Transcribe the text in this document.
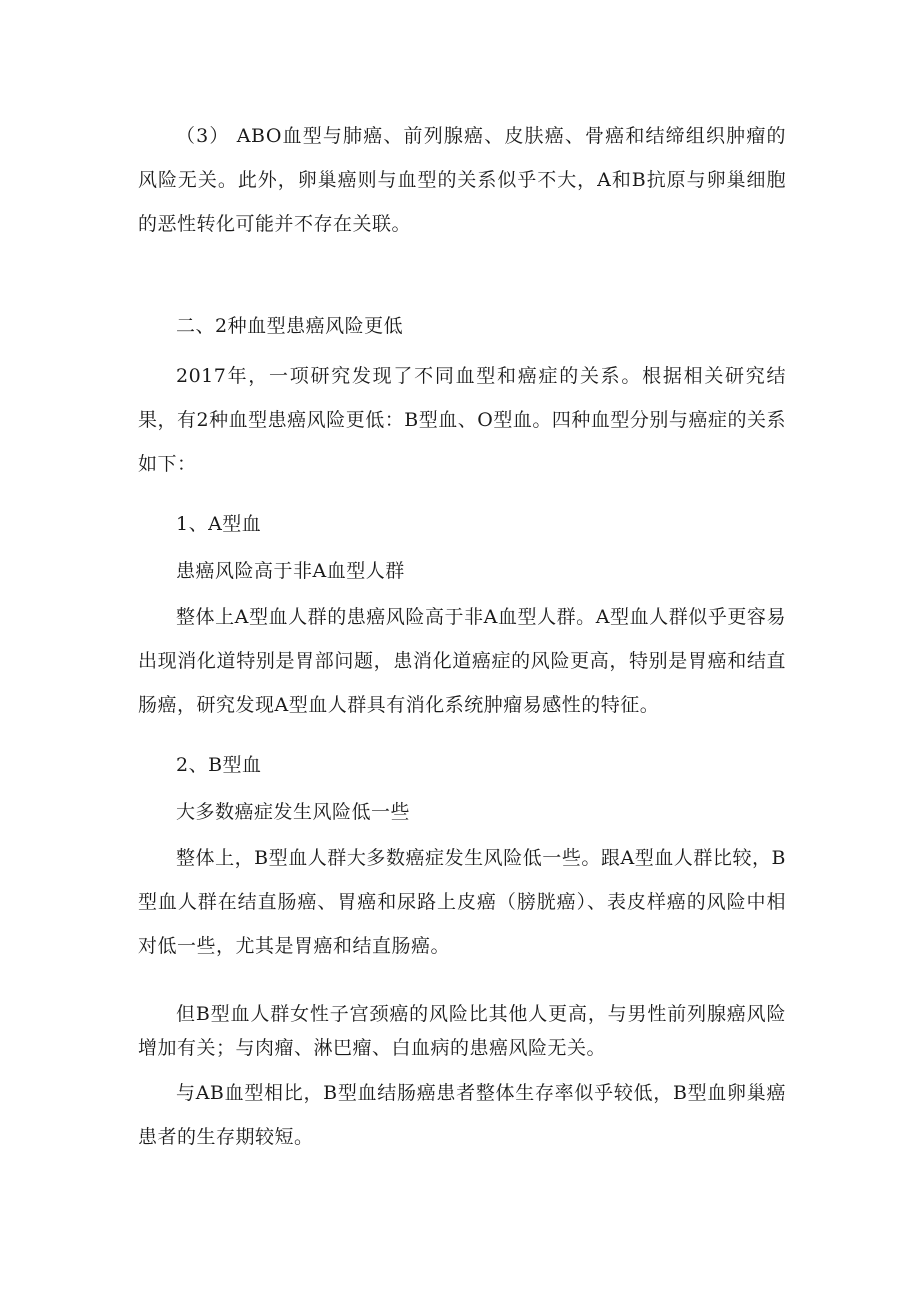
（3） ABO血型与肺癌、前列腺癌、皮肤癌、骨癌和结缔组织肿瘤的风险无关。此外，卵巢癌则与血型的关系似乎不大，A和B抗原与卵巢细胞的恶性转化可能并不存在关联。

二、2种血型患癌风险更低

2017年，一项研究发现了不同血型和癌症的关系。根据相关研究结果，有2种血型患癌风险更低：B型血、O型血。四种血型分别与癌症的关系如下：

1、A型血

患癌风险高于非A血型人群

整体上A型血人群的患癌风险高于非A血型人群。A型血人群似乎更容易出现消化道特别是胃部问题，患消化道癌症的风险更高，特别是胃癌和结直肠癌，研究发现A型血人群具有消化系统肿瘤易感性的特征。

2、B型血

大多数癌症发生风险低一些

整体上，B型血人群大多数癌症发生风险低一些。跟A型血人群比较，B型血人群在结直肠癌、胃癌和尿路上皮癌（膀胱癌）、表皮样癌的风险中相对低一些，尤其是胃癌和结直肠癌。

但B型血人群女性子宫颈癌的风险比其他人更高，与男性前列腺癌风险增加有关；与肉瘤、淋巴瘤、白血病的患癌风险无关。

与AB血型相比，B型血结肠癌患者整体生存率似乎较低，B型血卵巢癌患者的生存期较短。
